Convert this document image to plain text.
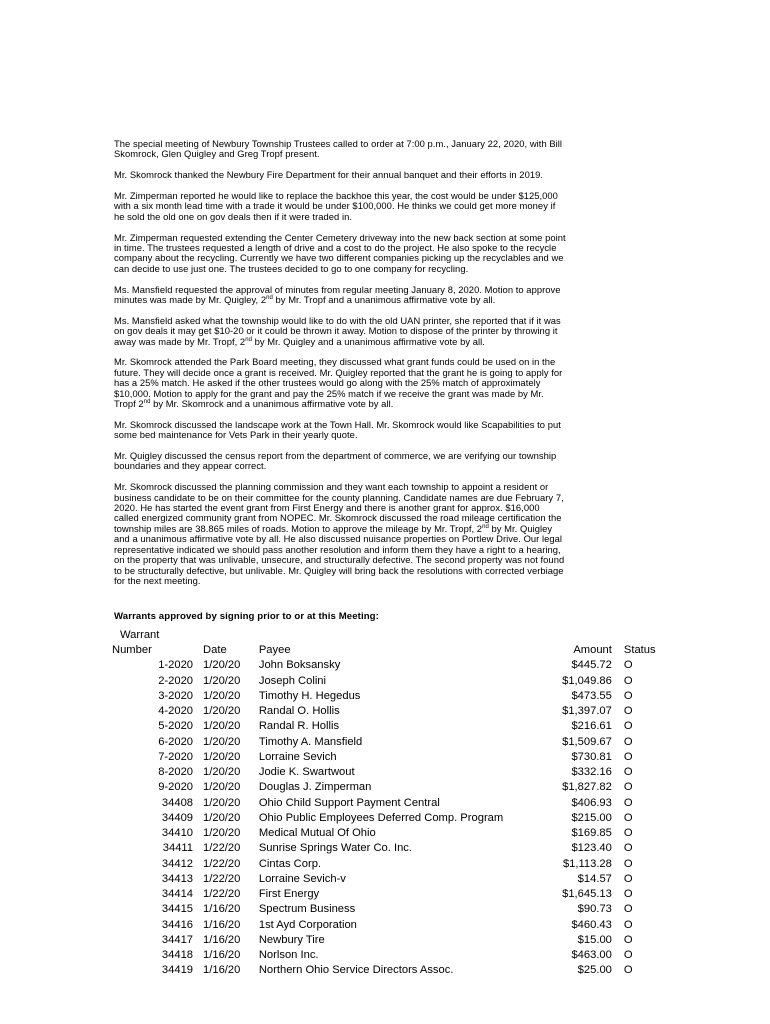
The special meeting of Newbury Township Trustees called to order at 7:00 p.m., January 22, 2020, with Bill
Skomrock, Glen Quigley and Greg Tropf present.

Mr. Skomrock thanked the Newbury Fire Department for their annual banquet and their efforts in 2019.

Mr. Zimperman reported he would like to replace the backhoe this year, the cost would be under $125,000
with a six month lead time with a trade it would be under $100,000. He thinks we could get more money if
he sold the old one on gov deals then if it were traded in.

Mr. Zimperman requested extending the Center Cemetery driveway into the new back section at some point
in time. The trustees requested a length of drive and a cost to do the project. He also spoke to the recycle
company about the recycling. Currently we have two different companies picking up the recyclables and we
can decide to use just one. The trustees decided to go to one company for recycling.

Ms. Mansfield requested the approval of minutes from regular meeting January 8, 2020. Motion to approve
minutes was made by Mr. Quigley, 2nd by Mr. Tropf and a unanimous affirmative vote by all.

Ms. Mansfield asked what the township would like to do with the old UAN printer, she reported that if it was
on gov deals it may get $10-20 or it could be thrown it away. Motion to dispose of the printer by throwing it
away was made by Mr. Tropf, 2nd by Mr. Quigley and a unanimous affirmative vote by all.

Mr. Skomrock attended the Park Board meeting, they discussed what grant funds could be used on in the
future. They will decide once a grant is received. Mr. Quigley reported that the grant he is going to apply for
has a 25% match. He asked if the other trustees would go along with the 25% match of approximately
$10,000. Motion to apply for the grant and pay the 25% match if we receive the grant was made by Mr.
Tropf 2nd by Mr. Skomrock and a unanimous affirmative vote by all.

Mr. Skomrock discussed the landscape work at the Town Hall. Mr. Skomrock would like Scapabilities to put
some bed maintenance for Vets Park in their yearly quote.

Mr. Quigley discussed the census report from the department of commerce, we are verifying our township
boundaries and they appear correct.

Mr. Skomrock discussed the planning commission and they want each township to appoint a resident or
business candidate to be on their committee for the county planning. Candidate names are due February 7,
2020. He has started the event grant from First Energy and there is another grant for approx. $16,000
called energized community grant from NOPEC. Mr. Skomrock discussed the road mileage certification the
township miles are 38.865 miles of roads. Motion to approve the mileage by Mr. Tropf, 2nd by Mr. Quigley
and a unanimous affirmative vote by all. He also discussed nuisance properties on Portlew Drive. Our legal
representative indicated we should pass another resolution and inform them they have a right to a hearing,
on the property that was unlivable, unsecure, and structurally defective. The second property was not found
to be structurally defective, but unlivable. Mr. Quigley will bring back the resolutions with corrected verbiage
for the next meeting.

Warrants approved by signing prior to or at this Meeting:
Warrant				
Number	Date	Payee	Amount	Status
1-2020	1/20/20	John Boksansky	$445.72	O
2-2020	1/20/20	Joseph Colini	$1,049.86	O
3-2020	1/20/20	Timothy H. Hegedus	$473.55	O
4-2020	1/20/20	Randal O. Hollis	$1,397.07	O
5-2020	1/20/20	Randal R. Hollis	$216.61	O
6-2020	1/20/20	Timothy A. Mansfield	$1,509.67	O
7-2020	1/20/20	Lorraine Sevich	$730.81	O
8-2020	1/20/20	Jodie K. Swartwout	$332.16	O
9-2020	1/20/20	Douglas J. Zimperman	$1,827.82	O
34408	1/20/20	Ohio Child Support Payment Central	$406.93	O
34409	1/20/20	Ohio Public Employees Deferred Comp. Program	$215.00	O
34410	1/20/20	Medical Mutual Of Ohio	$169.85	O
34411	1/22/20	Sunrise Springs Water Co. Inc.	$123.40	O
34412	1/22/20	Cintas Corp.	$1,113.28	O
34413	1/22/20	Lorraine Sevich-v	$14.57	O
34414	1/22/20	First Energy	$1,645.13	O
34415	1/16/20	Spectrum Business	$90.73	O
34416	1/16/20	1st Ayd Corporation	$460.43	O
34417	1/16/20	Newbury Tire	$15.00	O
34418	1/16/20	Norlson Inc.	$463.00	O
34419	1/16/20	Northern Ohio Service Directors Assoc.	$25.00	O
